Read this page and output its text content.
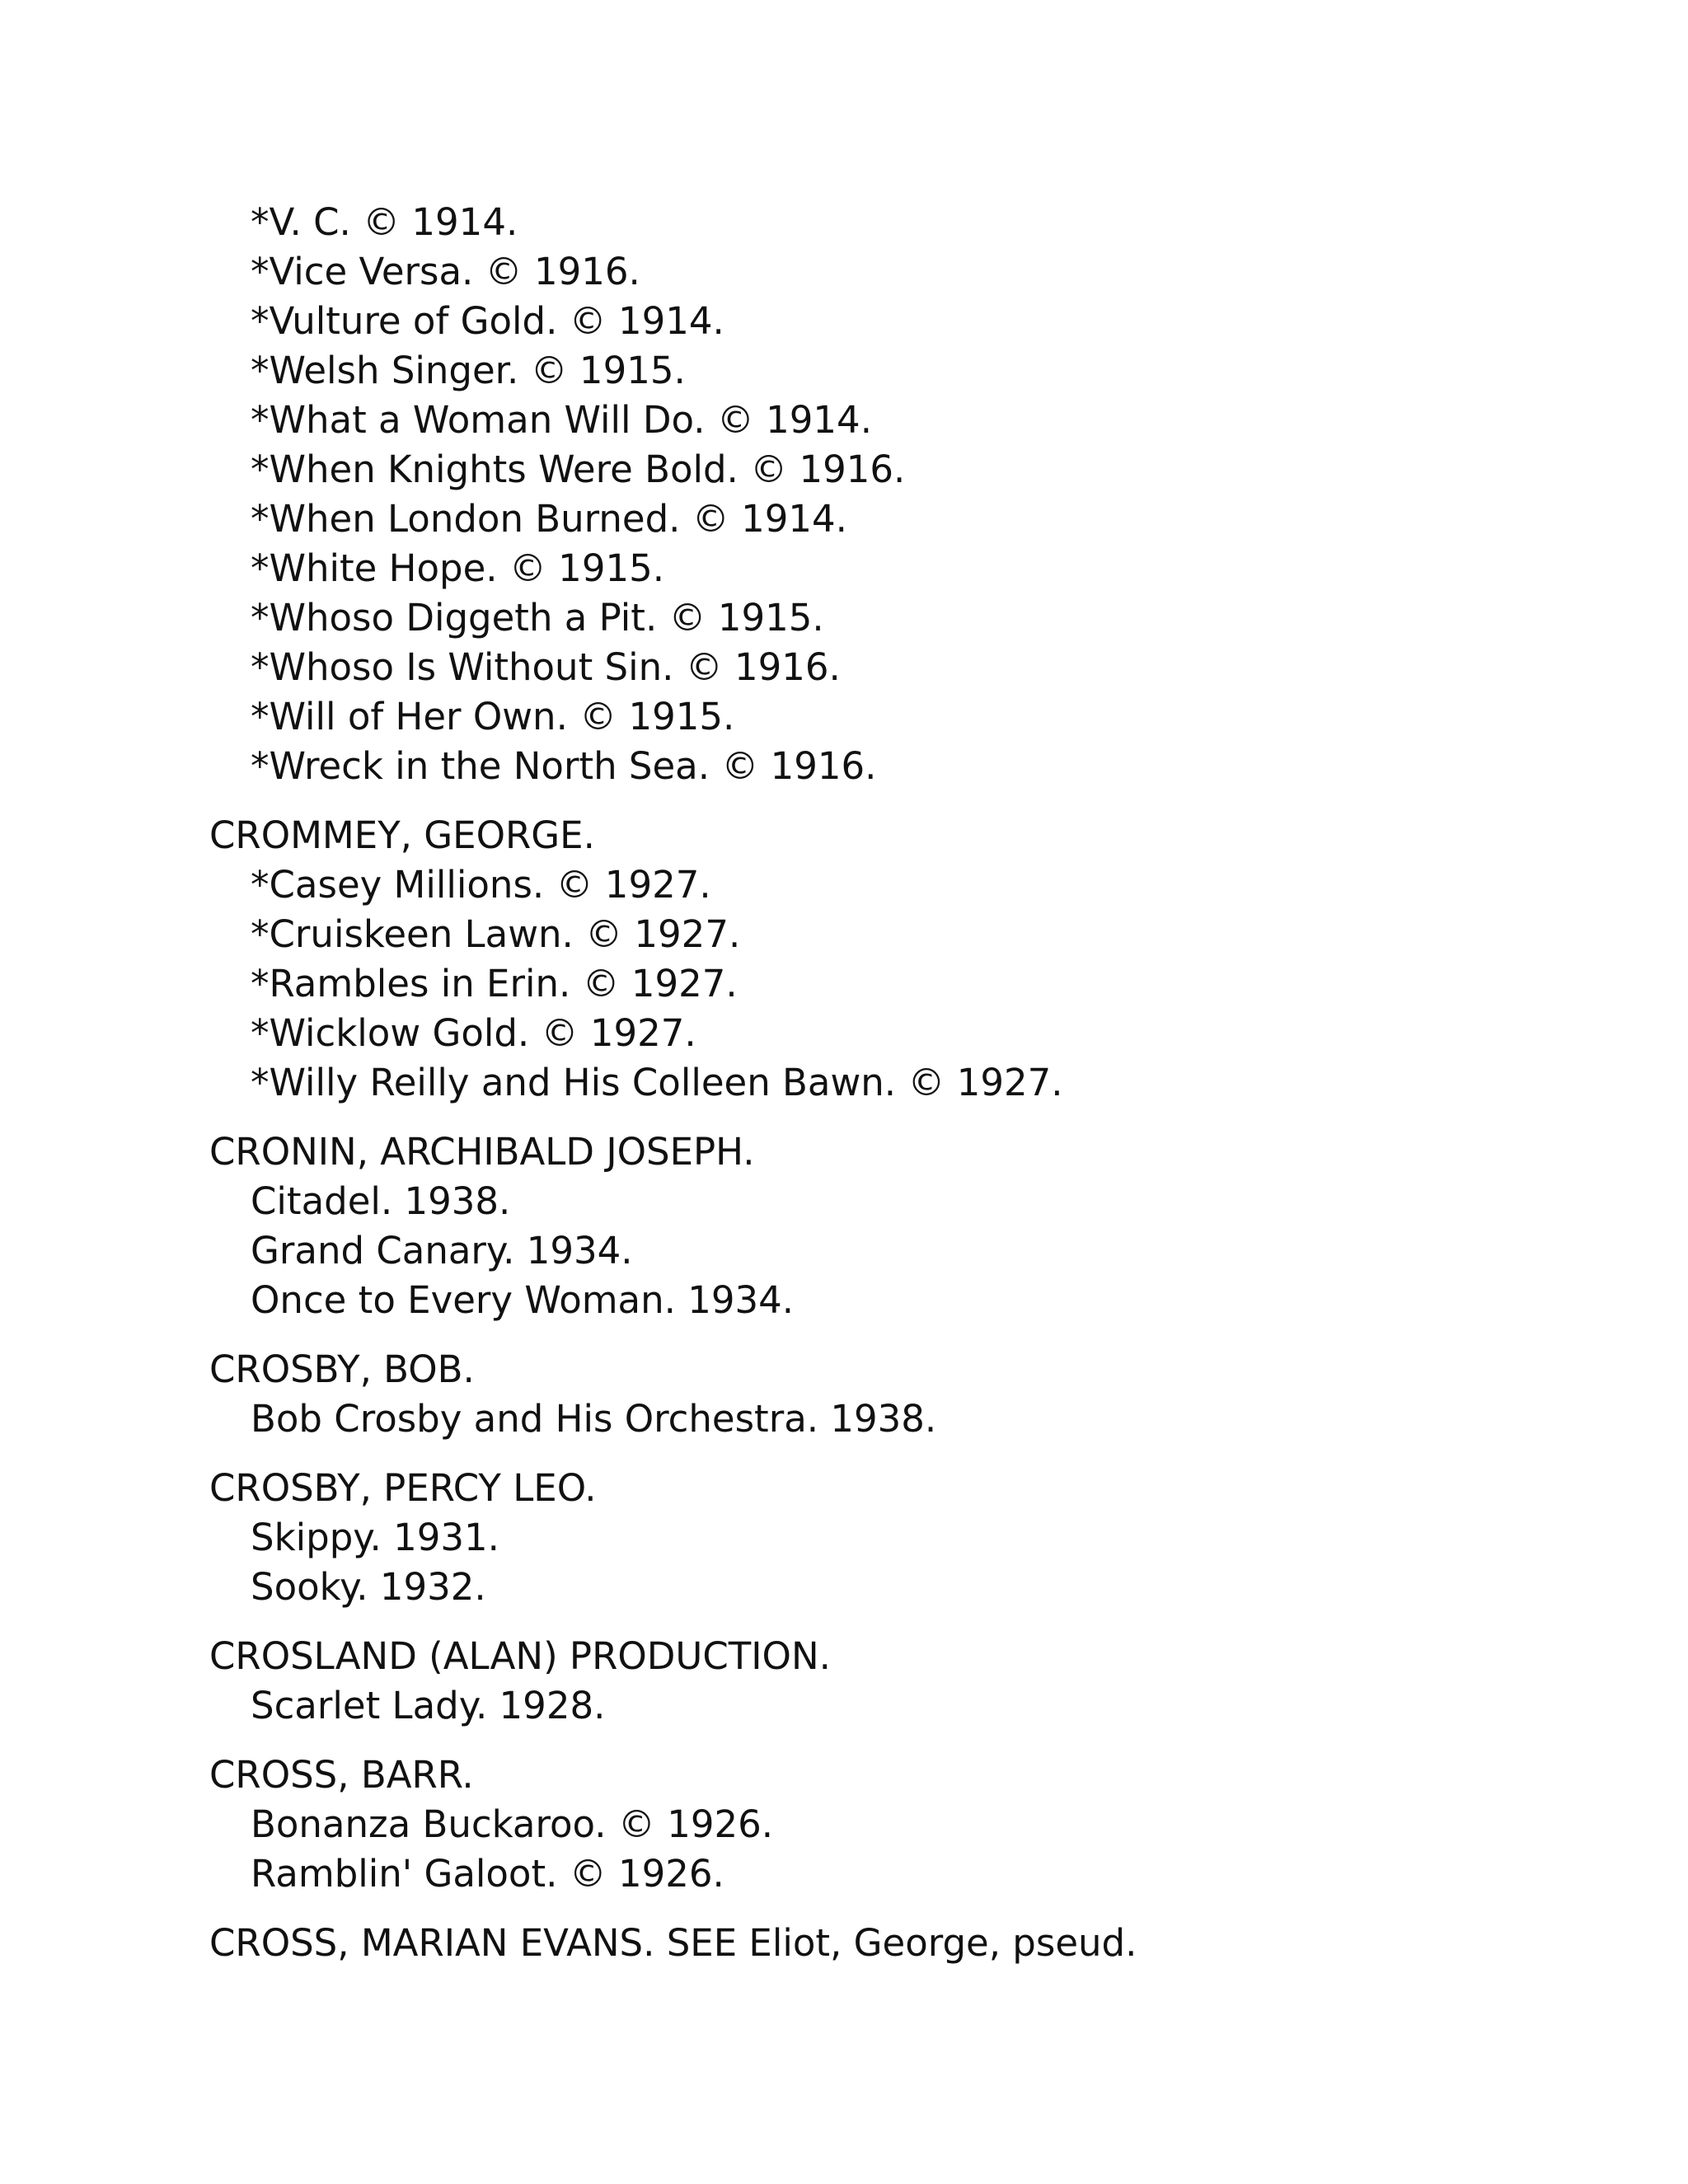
*V. C. © 1914.
*Vice Versa. © 1916.
*Vulture of Gold. © 1914.
*Welsh Singer. © 1915.
*What a Woman Will Do. © 1914.
*When Knights Were Bold. © 1916.
*When London Burned. © 1914.
*White Hope. © 1915.
*Whoso Diggeth a Pit. © 1915.
*Whoso Is Without Sin. © 1916.
*Will of Her Own. © 1915.
*Wreck in the North Sea. © 1916.
CROMMEY, GEORGE.
*Casey Millions. © 1927.
*Cruiskeen Lawn. © 1927.
*Rambles in Erin. © 1927.
*Wicklow Gold. © 1927.
*Willy Reilly and His Colleen Bawn. © 1927.
CRONIN, ARCHIBALD JOSEPH.
Citadel. 1938.
Grand Canary. 1934.
Once to Every Woman. 1934.
CROSBY, BOB.
Bob Crosby and His Orchestra. 1938.
CROSBY, PERCY LEO.
Skippy. 1931.
Sooky. 1932.
CROSLAND (ALAN) PRODUCTION.
Scarlet Lady. 1928.
CROSS, BARR.
Bonanza Buckaroo. © 1926.
Ramblin' Galoot. © 1926.
CROSS, MARIAN EVANS. SEE Eliot, George, pseud.
